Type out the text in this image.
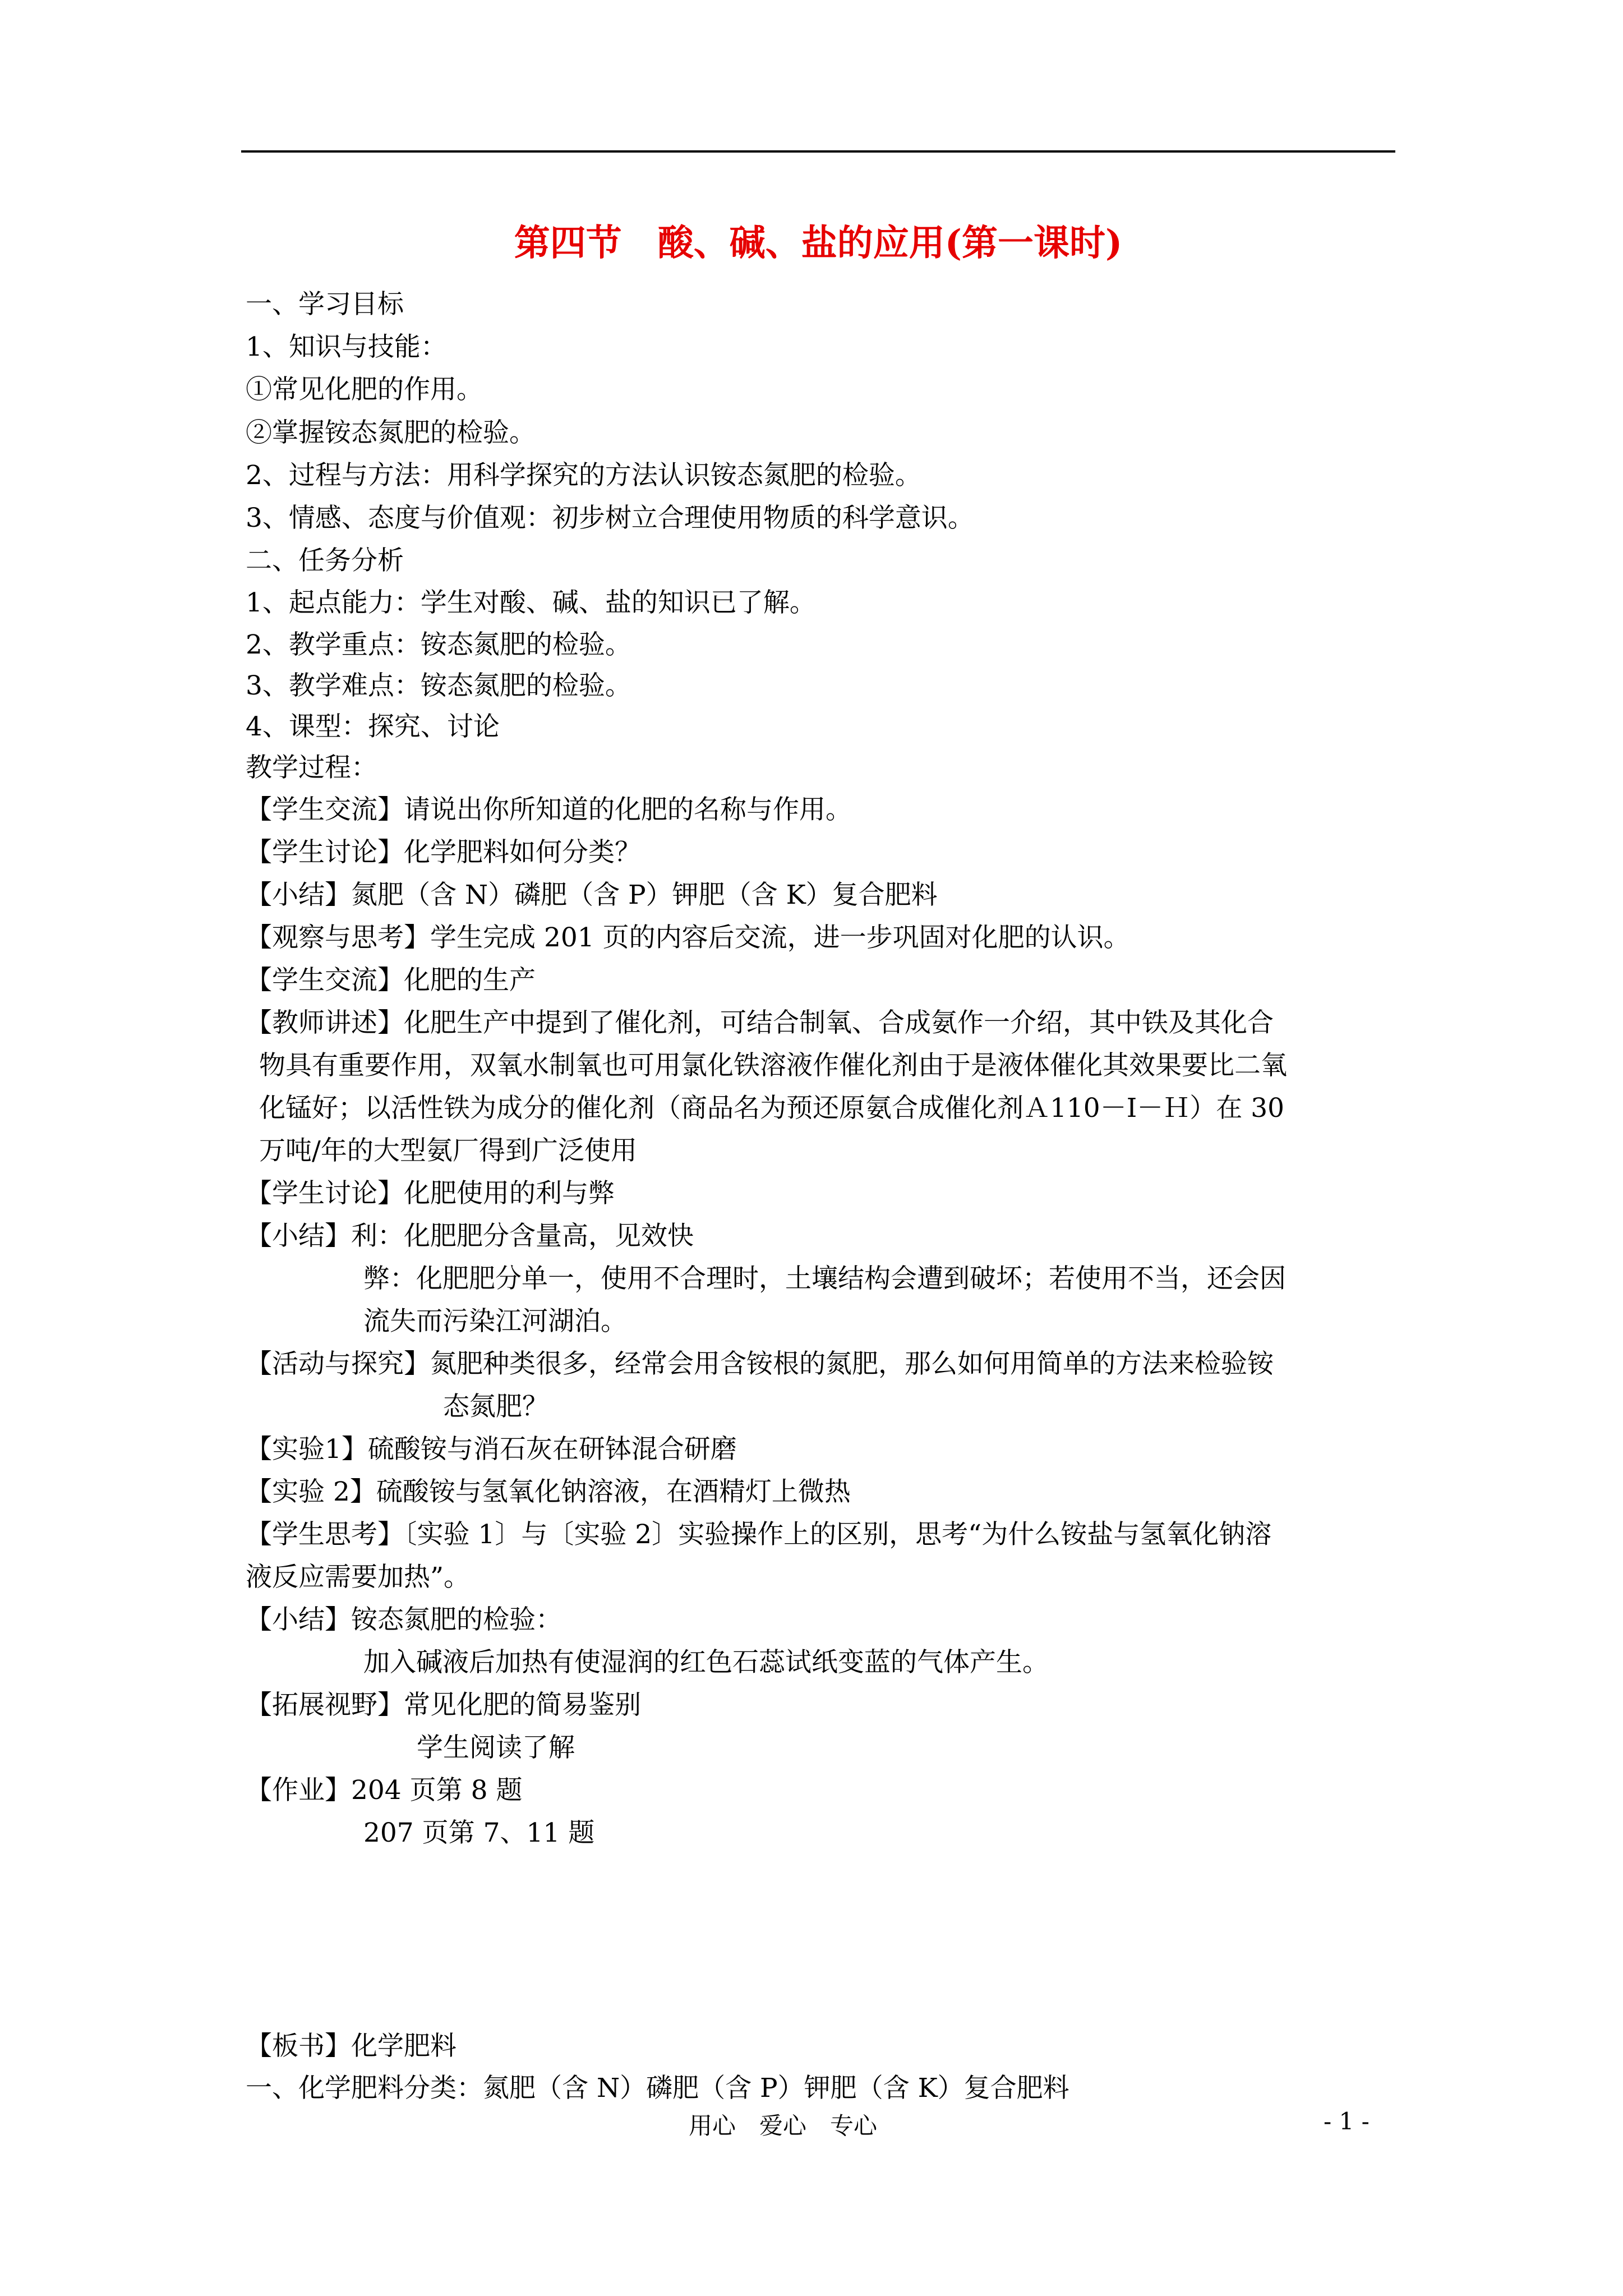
第四节　酸、碱、盐的应用(第一课时)
一、学习目标
1、知识与技能：
①常见化肥的作用。
②掌握铵态氮肥的检验。
2、过程与方法：用科学探究的方法认识铵态氮肥的检验。
3、情感、态度与价值观：初步树立合理使用物质的科学意识。
二、任务分析
1、起点能力：学生对酸、碱、盐的知识已了解。
2、教学重点：铵态氮肥的检验。
3、教学难点：铵态氮肥的检验。
4、课型：探究、讨论
教学过程：
【学生交流】请说出你所知道的化肥的名称与作用。
【学生讨论】化学肥料如何分类？
【小结】氮肥（含 N）磷肥（含 P）钾肥（含 K）复合肥料
【观察与思考】学生完成 201 页的内容后交流，进一步巩固对化肥的认识。
【学生交流】化肥的生产
【教师讲述】化肥生产中提到了催化剂，可结合制氧、合成氨作一介绍，其中铁及其化合
物具有重要作用，双氧水制氧也可用氯化铁溶液作催化剂由于是液体催化其效果要比二氧
化锰好；以活性铁为成分的催化剂（商品名为预还原氨合成催化剂Ａ110－Ⅰ－Ｈ）在 30
万吨/年的大型氨厂得到广泛使用
【学生讨论】化肥使用的利与弊
【小结】利：化肥肥分含量高，见效快
弊：化肥肥分单一，使用不合理时，土壤结构会遭到破坏；若使用不当，还会因
流失而污染江河湖泊。
【活动与探究】氮肥种类很多，经常会用含铵根的氮肥，那么如何用简单的方法来检验铵
态氮肥？
【实验1】硫酸铵与消石灰在研钵混合研磨
【实验 2】硫酸铵与氢氧化钠溶液，在酒精灯上微热
【学生思考】〔实验 1〕与〔实验 2〕实验操作上的区别，思考“为什么铵盐与氢氧化钠溶
液反应需要加热”。
【小结】铵态氮肥的检验：
加入碱液后加热有使湿润的红色石蕊试纸变蓝的气体产生。
【拓展视野】常见化肥的简易鉴别
学生阅读了解
【作业】204 页第 8 题
207 页第 7、11 题
【板书】化学肥料
一、化学肥料分类：氮肥（含 N）磷肥（含 P）钾肥（含 K）复合肥料
用心　爱心　专心	- 1 -
